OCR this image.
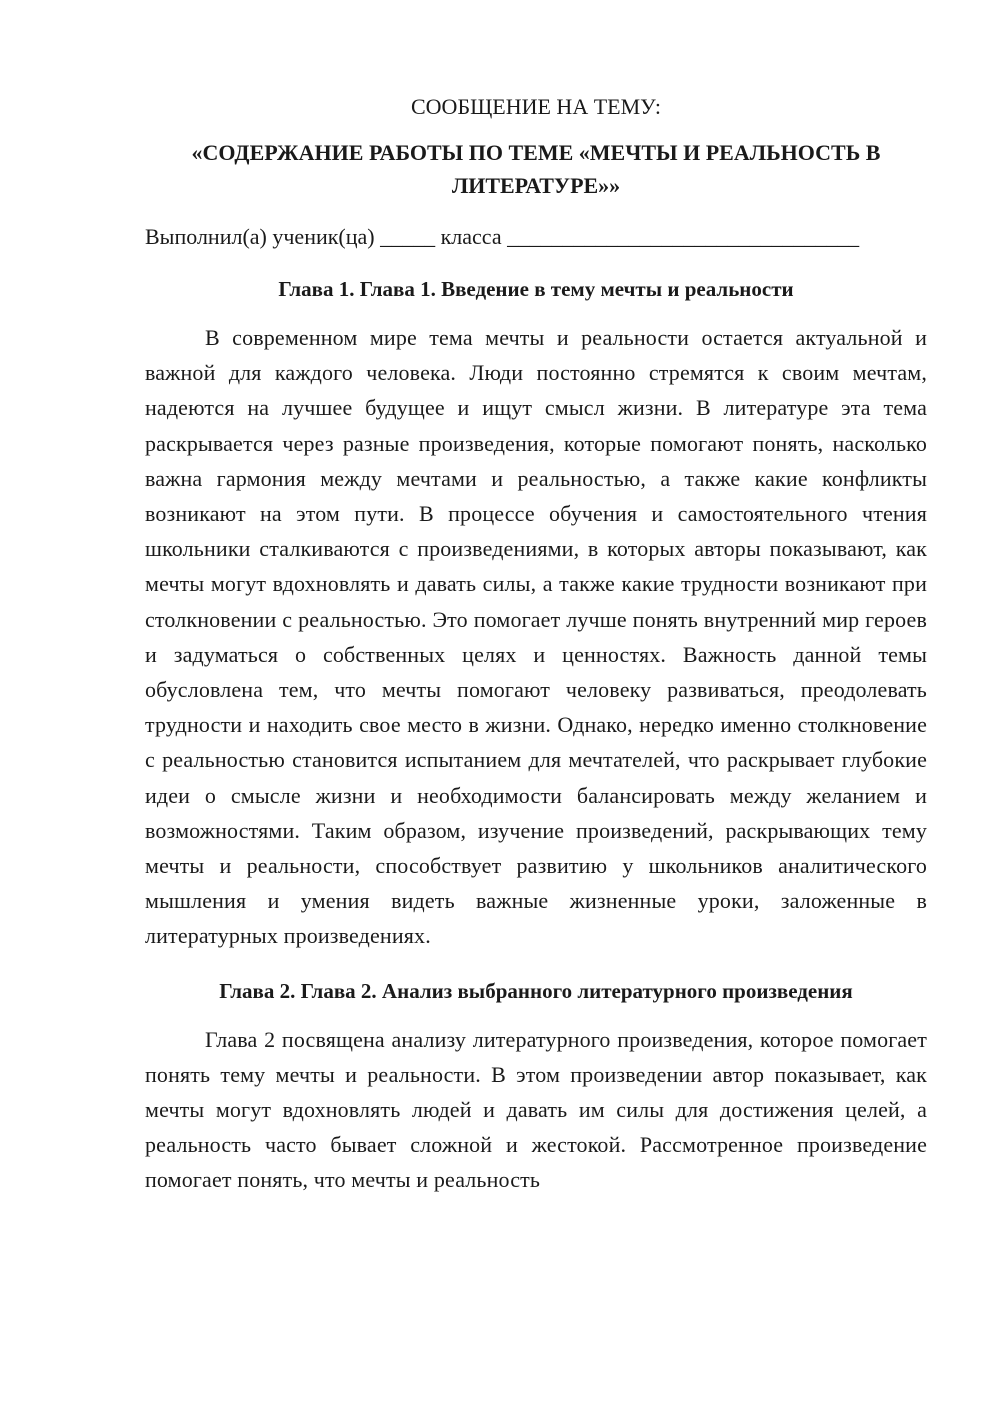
СООБЩЕНИЕ НА ТЕМУ:

«СОДЕРЖАНИЕ РАБОТЫ ПО ТЕМЕ «МЕЧТЫ И РЕАЛЬНОСТЬ В ЛИТЕРАТУРЕ»»

Выполнил(а) ученик(ца) _____ класса ________________________________

Глава 1. Глава 1. Введение в тему мечты и реальности

В современном мире тема мечты и реальности остается актуальной и важной для каждого человека. Люди постоянно стремятся к своим мечтам, надеются на лучшее будущее и ищут смысл жизни. В литературе эта тема раскрывается через разные произведения, которые помогают понять, насколько важна гармония между мечтами и реальностью, а также какие конфликты возникают на этом пути. В процессе обучения и самостоятельного чтения школьники сталкиваются с произведениями, в которых авторы показывают, как мечты могут вдохновлять и давать силы, а также какие трудности возникают при столкновении с реальностью. Это помогает лучше понять внутренний мир героев и задуматься о собственных целях и ценностях. Важность данной темы обусловлена тем, что мечты помогают человеку развиваться, преодолевать трудности и находить свое место в жизни. Однако, нередко именно столкновение с реальностью становится испытанием для мечтателей, что раскрывает глубокие идеи о смысле жизни и необходимости балансировать между желанием и возможностями. Таким образом, изучение произведений, раскрывающих тему мечты и реальности, способствует развитию у школьников аналитического мышления и умения видеть важные жизненные уроки, заложенные в литературных произведениях.

Глава 2. Глава 2. Анализ выбранного литературного произведения

Глава 2 посвящена анализу литературного произведения, которое помогает понять тему мечты и реальности. В этом произведении автор показывает, как мечты могут вдохновлять людей и давать им силы для достижения целей, а реальность часто бывает сложной и жестокой. Рассмотренное произведение помогает понять, что мечты и реальность
